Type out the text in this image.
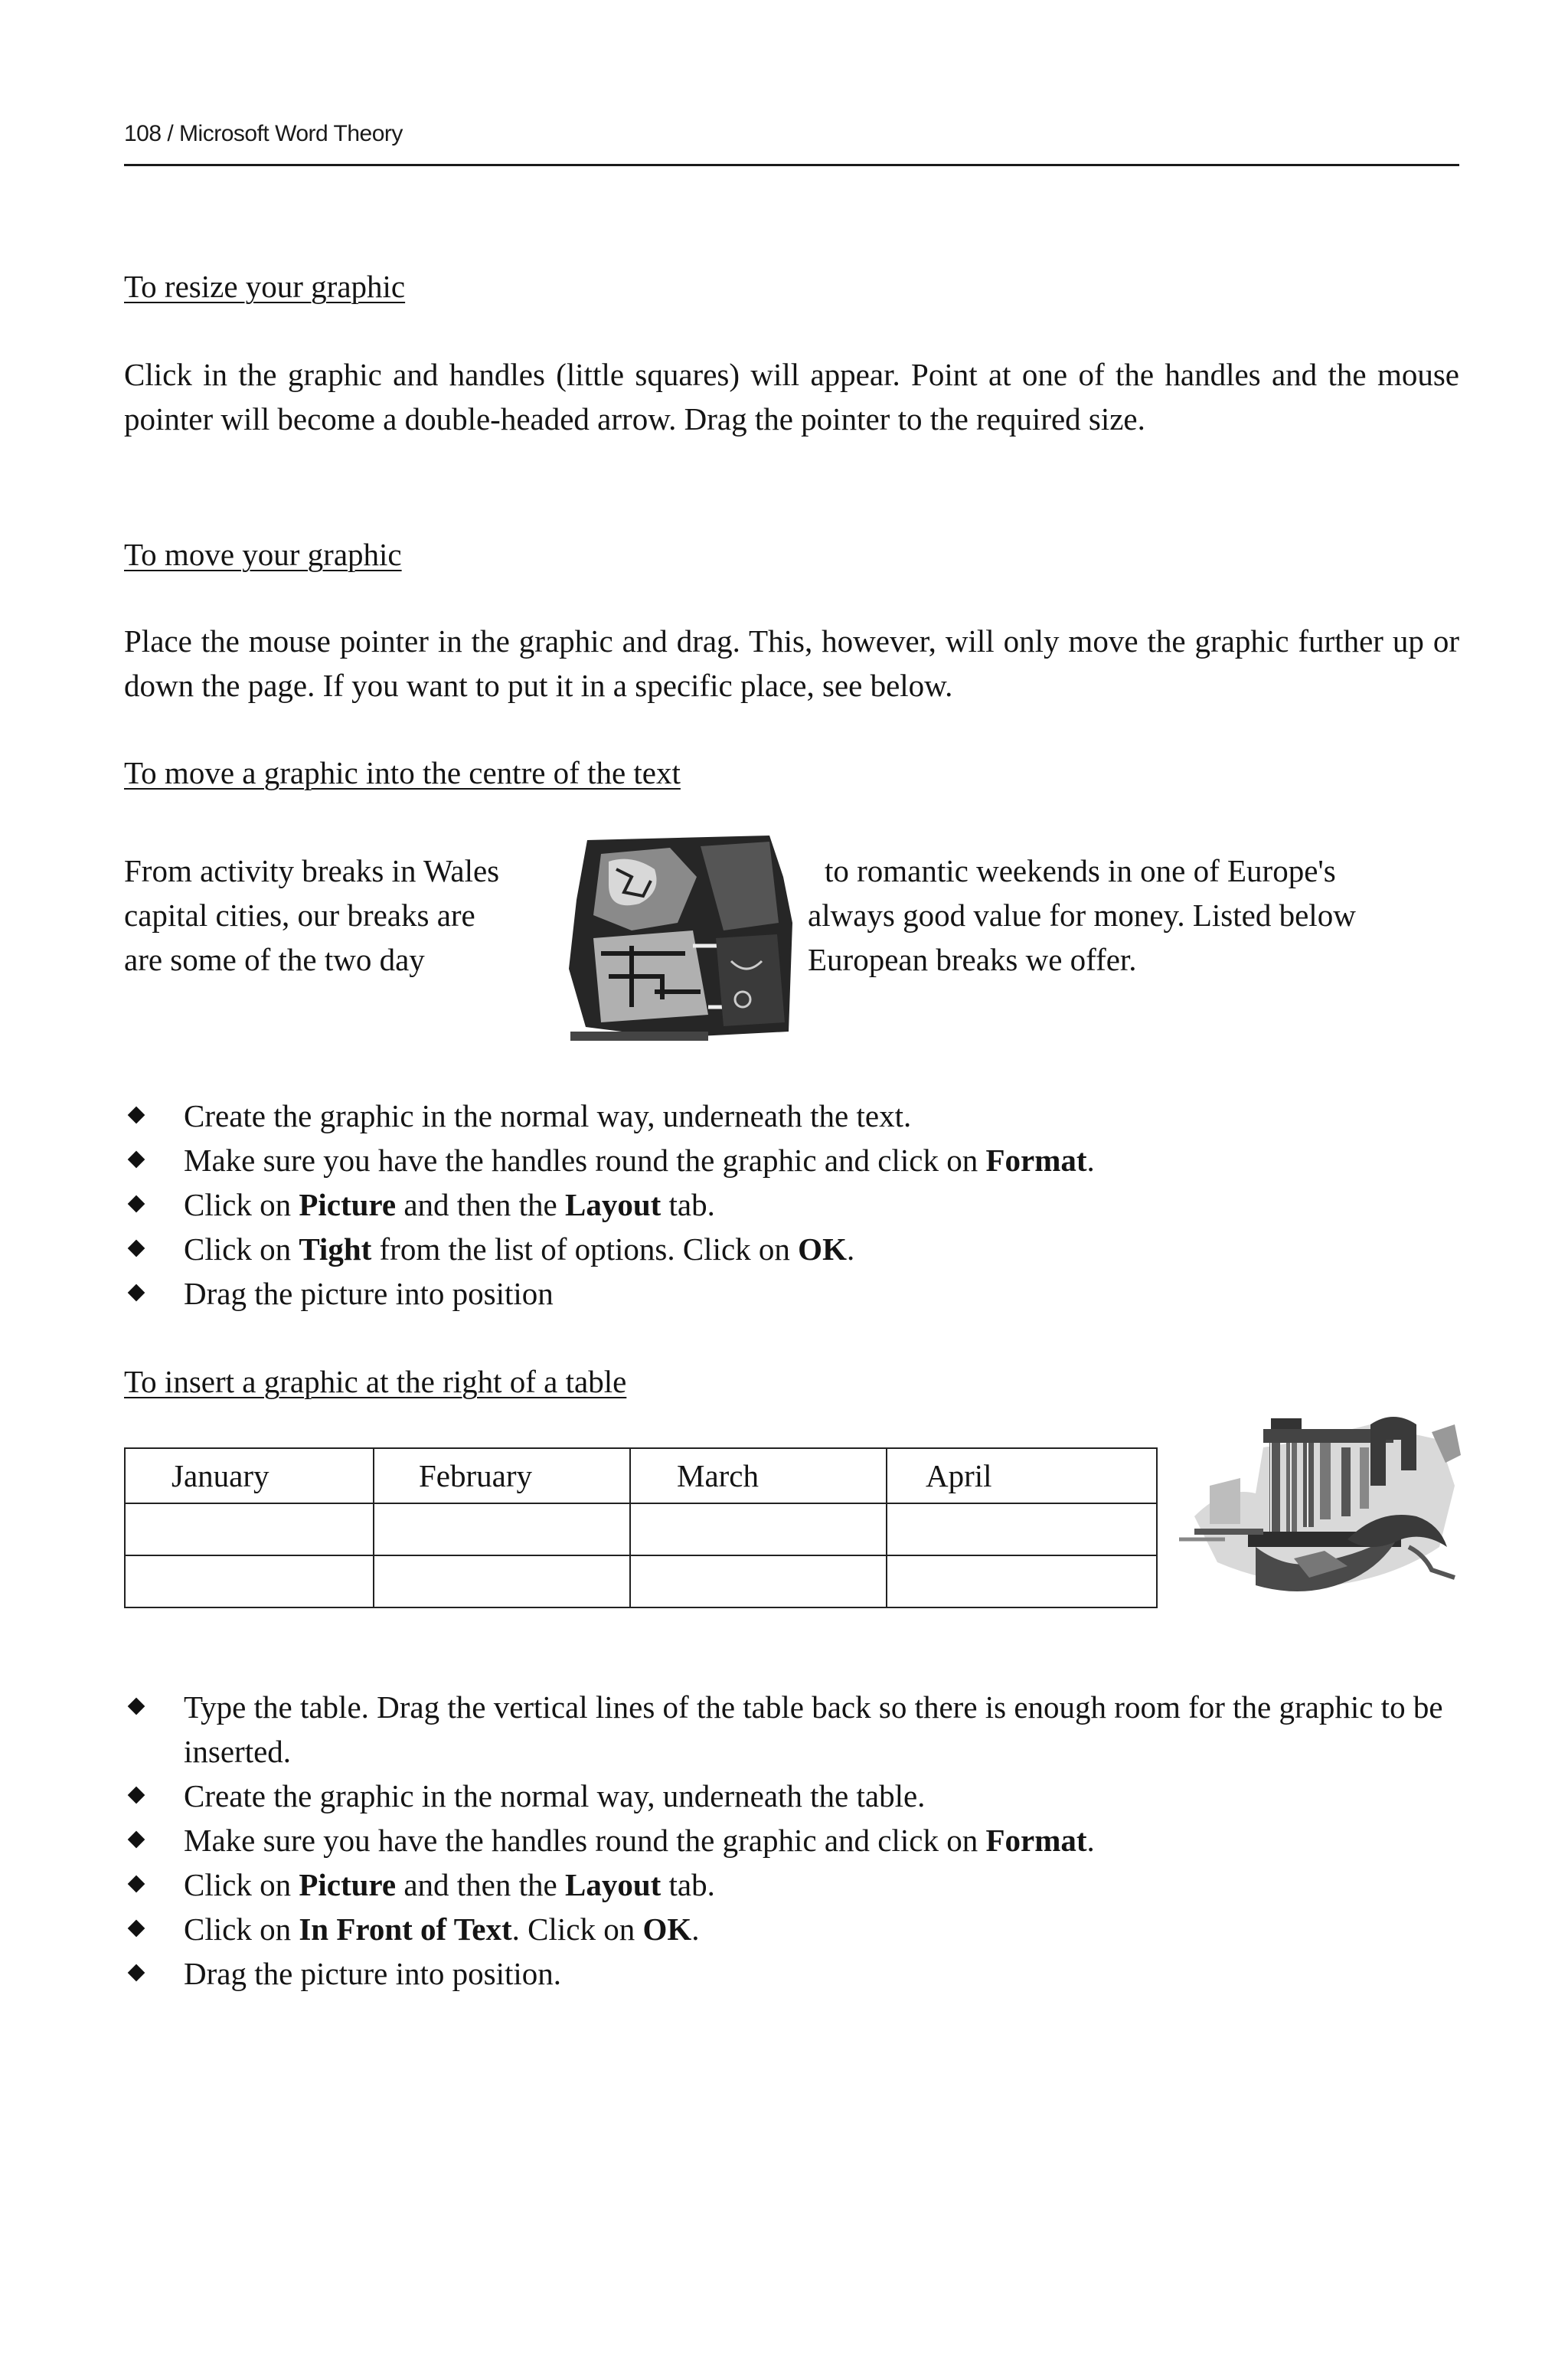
108 / Microsoft Word Theory
To resize your graphic

Click in the graphic and handles (little squares) will appear. Point at one of the handles and the mouse pointer will become a double-headed arrow. Drag the pointer to the required size.

To move your graphic

Place the mouse pointer in the graphic and drag. This, however, will only move the graphic further up or down the page. If you want to put it in a specific place, see below.

To move a graphic into the centre of the text
From activity breaks in Wales
capital cities, our breaks are
are some of the two day
to romantic weekends in one of Europe's
always good value for money. Listed below
European breaks we offer.
Create the graphic in the normal way, underneath the text.
Make sure you have the handles round the graphic and click on Format.
Click on Picture and then the Layout tab.
Click on Tight from the list of options. Click on OK.
Drag the picture into position
To insert a graphic at the right of a table
January	February	March	April

Type the table. Drag the vertical lines of the table back so there is enough room for the graphic to be inserted.
Create the graphic in the normal way, underneath the table.
Make sure you have the handles round the graphic and click on Format.
Click on Picture and then the Layout tab.
Click on In Front of Text. Click on OK.
Drag the picture into position.
